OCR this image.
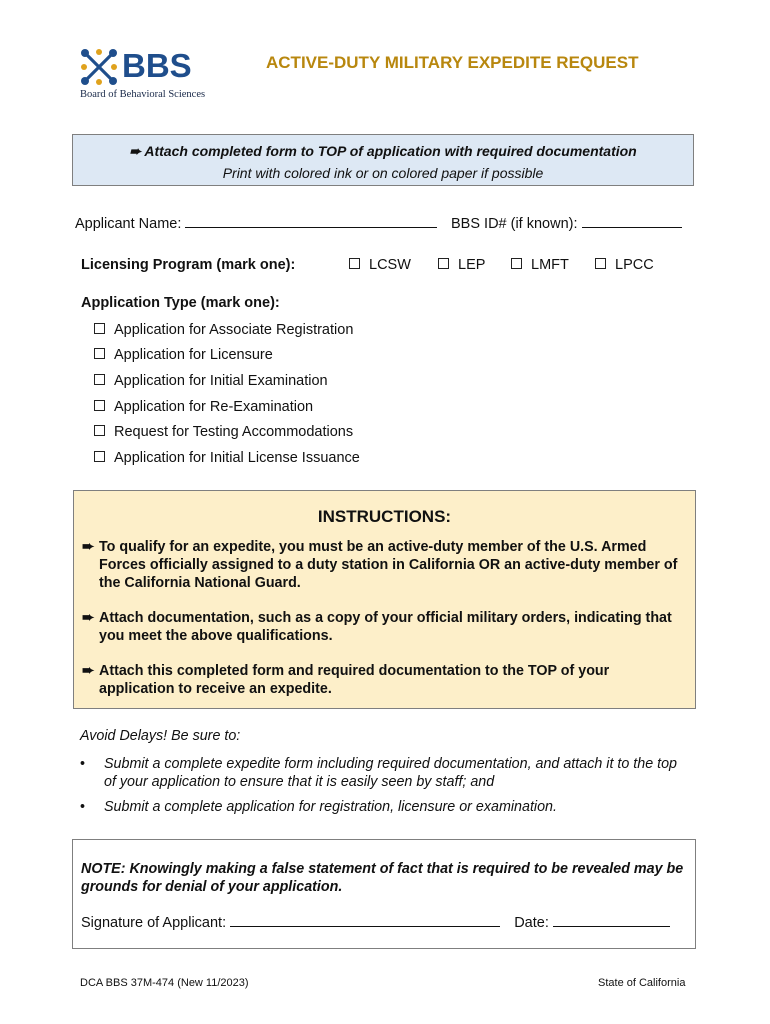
BBS
Board of Behavioral Sciences
ACTIVE-DUTY MILITARY EXPEDITE REQUEST
➨ Attach completed form to TOP of application with required documentation
Print with colored ink or on colored paper if possible
Applicant Name:	BBS ID# (if known):
Licensing Program (mark one):	LCSW	LEP	LMFT	LPCC
Application Type (mark one):
Application for Associate Registration
Application for Licensure
Application for Initial Examination
Application for Re-Examination
Request for Testing Accommodations
Application for Initial License Issuance
INSTRUCTIONS:
➨ To qualify for an expedite, you must be an active-duty member of the U.S. Armed Forces officially assigned to a duty station in California OR an active-duty member of the California National Guard.
➨ Attach documentation, such as a copy of your official military orders, indicating that you meet the above qualifications.
➨ Attach this completed form and required documentation to the TOP of your application to receive an expedite.
Avoid Delays! Be sure to:
• Submit a complete expedite form including required documentation, and attach it to the top of your application to ensure that it is easily seen by staff; and
• Submit a complete application for registration, licensure or examination.
NOTE: Knowingly making a false statement of fact that is required to be revealed may be grounds for denial of your application.
Signature of Applicant:	Date:
DCA BBS 37M-474 (New 11/2023)	State of California
